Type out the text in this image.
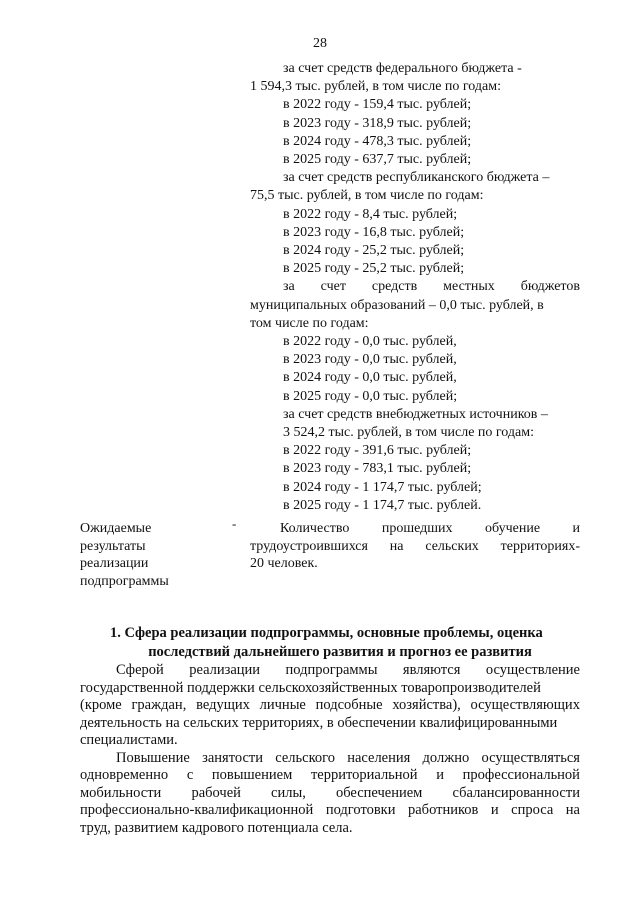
28
за счет средств федерального бюджета -
1 594,3 тыс. рублей, в том числе по годам:
в 2022 году - 159,4 тыс. рублей;
в 2023 году - 318,9 тыс. рублей;
в 2024 году - 478,3 тыс. рублей;
в 2025 году - 637,7 тыс. рублей;
за счет средств республиканского бюджета –
75,5 тыс. рублей, в том числе по годам:
в 2022 году - 8,4 тыс. рублей;
в 2023 году - 16,8 тыс. рублей;
в 2024 году - 25,2 тыс. рублей;
в 2025 году - 25,2 тыс. рублей;
за счет средств местных бюджетов
муниципальных образований – 0,0 тыс. рублей, в
том числе по годам:
в 2022 году - 0,0 тыс. рублей,
в 2023 году - 0,0 тыс. рублей,
в 2024 году - 0,0 тыс. рублей,
в 2025 году - 0,0 тыс. рублей;
за счет средств внебюджетных источников –
3 524,2 тыс. рублей, в том числе по годам:
в 2022 году - 391,6 тыс. рублей;
в 2023 году - 783,1 тыс. рублей;
в 2024 году - 1 174,7 тыс. рублей;
в 2025 году - 1 174,7 тыс. рублей.
Ожидаемые
результаты
реализации
подпрограммы
-	Количество прошедших обучение и
трудоустроившихся на сельских территориях-
20 человек.
1. Сфера реализации подпрограммы, основные проблемы, оценка
последствий дальнейшего развития и прогноз ее развития
Сферой реализации подпрограммы являются осуществление
государственной поддержки сельскохозяйственных товаропроизводителей
(кроме граждан, ведущих личные подсобные хозяйства), осуществляющих
деятельность на сельских территориях, в обеспечении квалифицированными
специалистами.
Повышение занятости сельского населения должно осуществляться
одновременно с повышением территориальной и профессиональной
мобильности рабочей силы, обеспечением сбалансированности
профессионально-квалификационной подготовки работников и спроса на
труд, развитием кадрового потенциала села.
